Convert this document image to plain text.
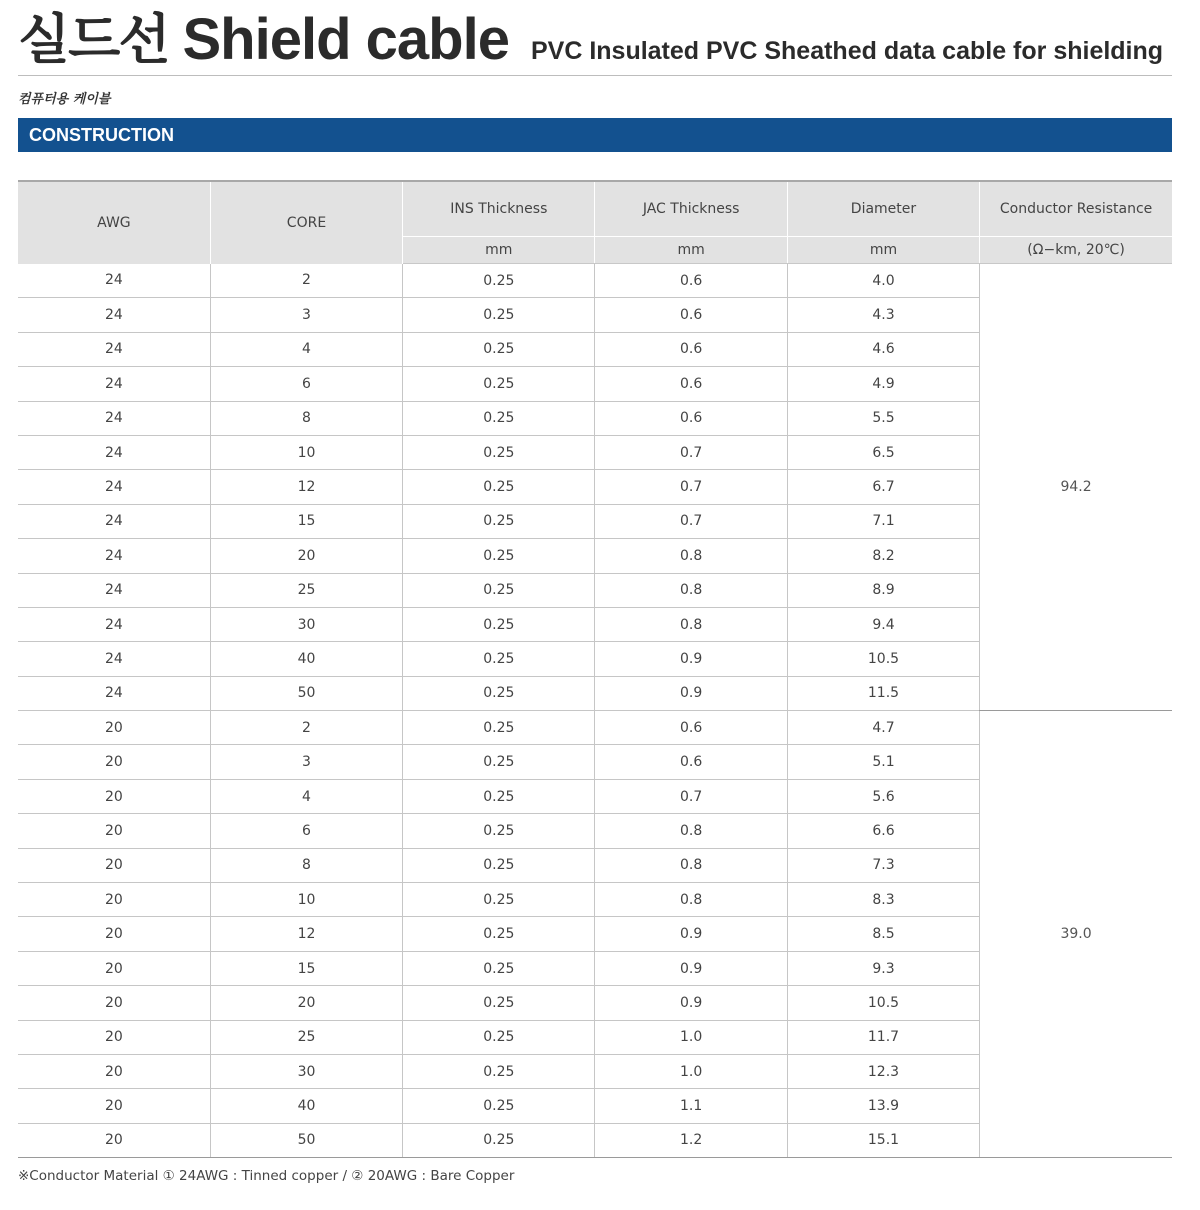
실드선 Shield cable PVC Insulated PVC Sheathed data cable for shielding
컴퓨터용 케이블
CONSTRUCTION
AWG	CORE	INS Thickness	JAC Thickness	Diameter	Conductor Resistance
		mm	mm	mm	(Ω−km, 20℃)
24	2	0.25	0.6	4.0	94.2
24	3	0.25	0.6	4.3	
24	4	0.25	0.6	4.6	
24	6	0.25	0.6	4.9	
24	8	0.25	0.6	5.5	
24	10	0.25	0.7	6.5	
24	12	0.25	0.7	6.7	
24	15	0.25	0.7	7.1	
24	20	0.25	0.8	8.2	
24	25	0.25	0.8	8.9	
24	30	0.25	0.8	9.4	
24	40	0.25	0.9	10.5	
24	50	0.25	0.9	11.5	
20	2	0.25	0.6	4.7	39.0
20	3	0.25	0.6	5.1	
20	4	0.25	0.7	5.6	
20	6	0.25	0.8	6.6	
20	8	0.25	0.8	7.3	
20	10	0.25	0.8	8.3	
20	12	0.25	0.9	8.5	
20	15	0.25	0.9	9.3	
20	20	0.25	0.9	10.5	
20	25	0.25	1.0	11.7	
20	30	0.25	1.0	12.3	
20	40	0.25	1.1	13.9	
20	50	0.25	1.2	15.1	
※Conductor Material ① 24AWG : Tinned copper / ② 20AWG : Bare Copper
